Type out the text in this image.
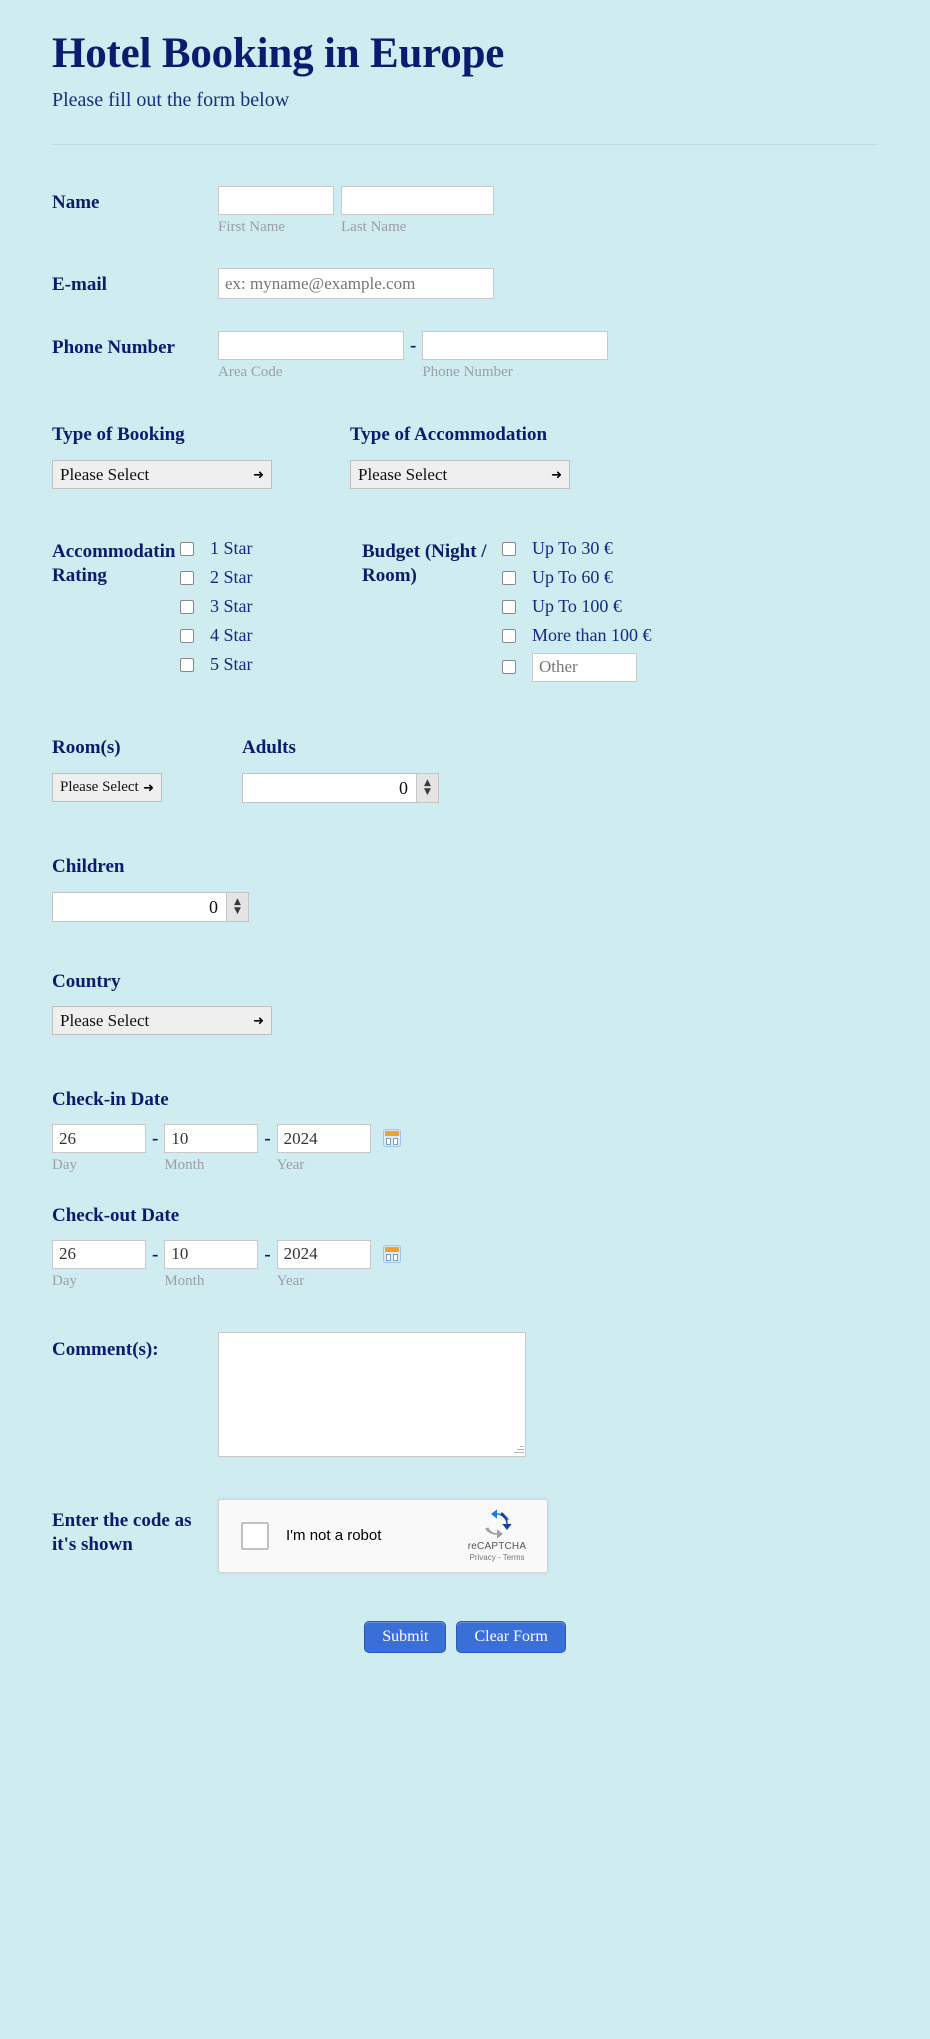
Hotel Booking in Europe
Please fill out the form below
Name
First Name	Last Name
E-mail
ex: myname@example.com
Phone Number
Area Code
-
Phone Number
Type of Booking
Please Select	➜
Type of Accommodation
Please Select	➜
Accommodatin Rating
1 Star
2 Star
3 Star
4 Star
5 Star
Budget (Night / Room)
Up To 30 €
Up To 60 €
Up To 100 €
More than 100 €
Other
Room(s)
Please Select ➜
Adults
0	▲
▼
Children
0	▲
▼
Country
Please Select	➜
Check-in Date
26
Day
-
10
Month
-
2024
Year
Check-out Date
26
Day
-
10
Month
-
2024
Year
Comment(s):
Enter the code as it's shown	I'm not a robot
reCAPTCHA
Privacy - Terms
Submit	Clear Form
